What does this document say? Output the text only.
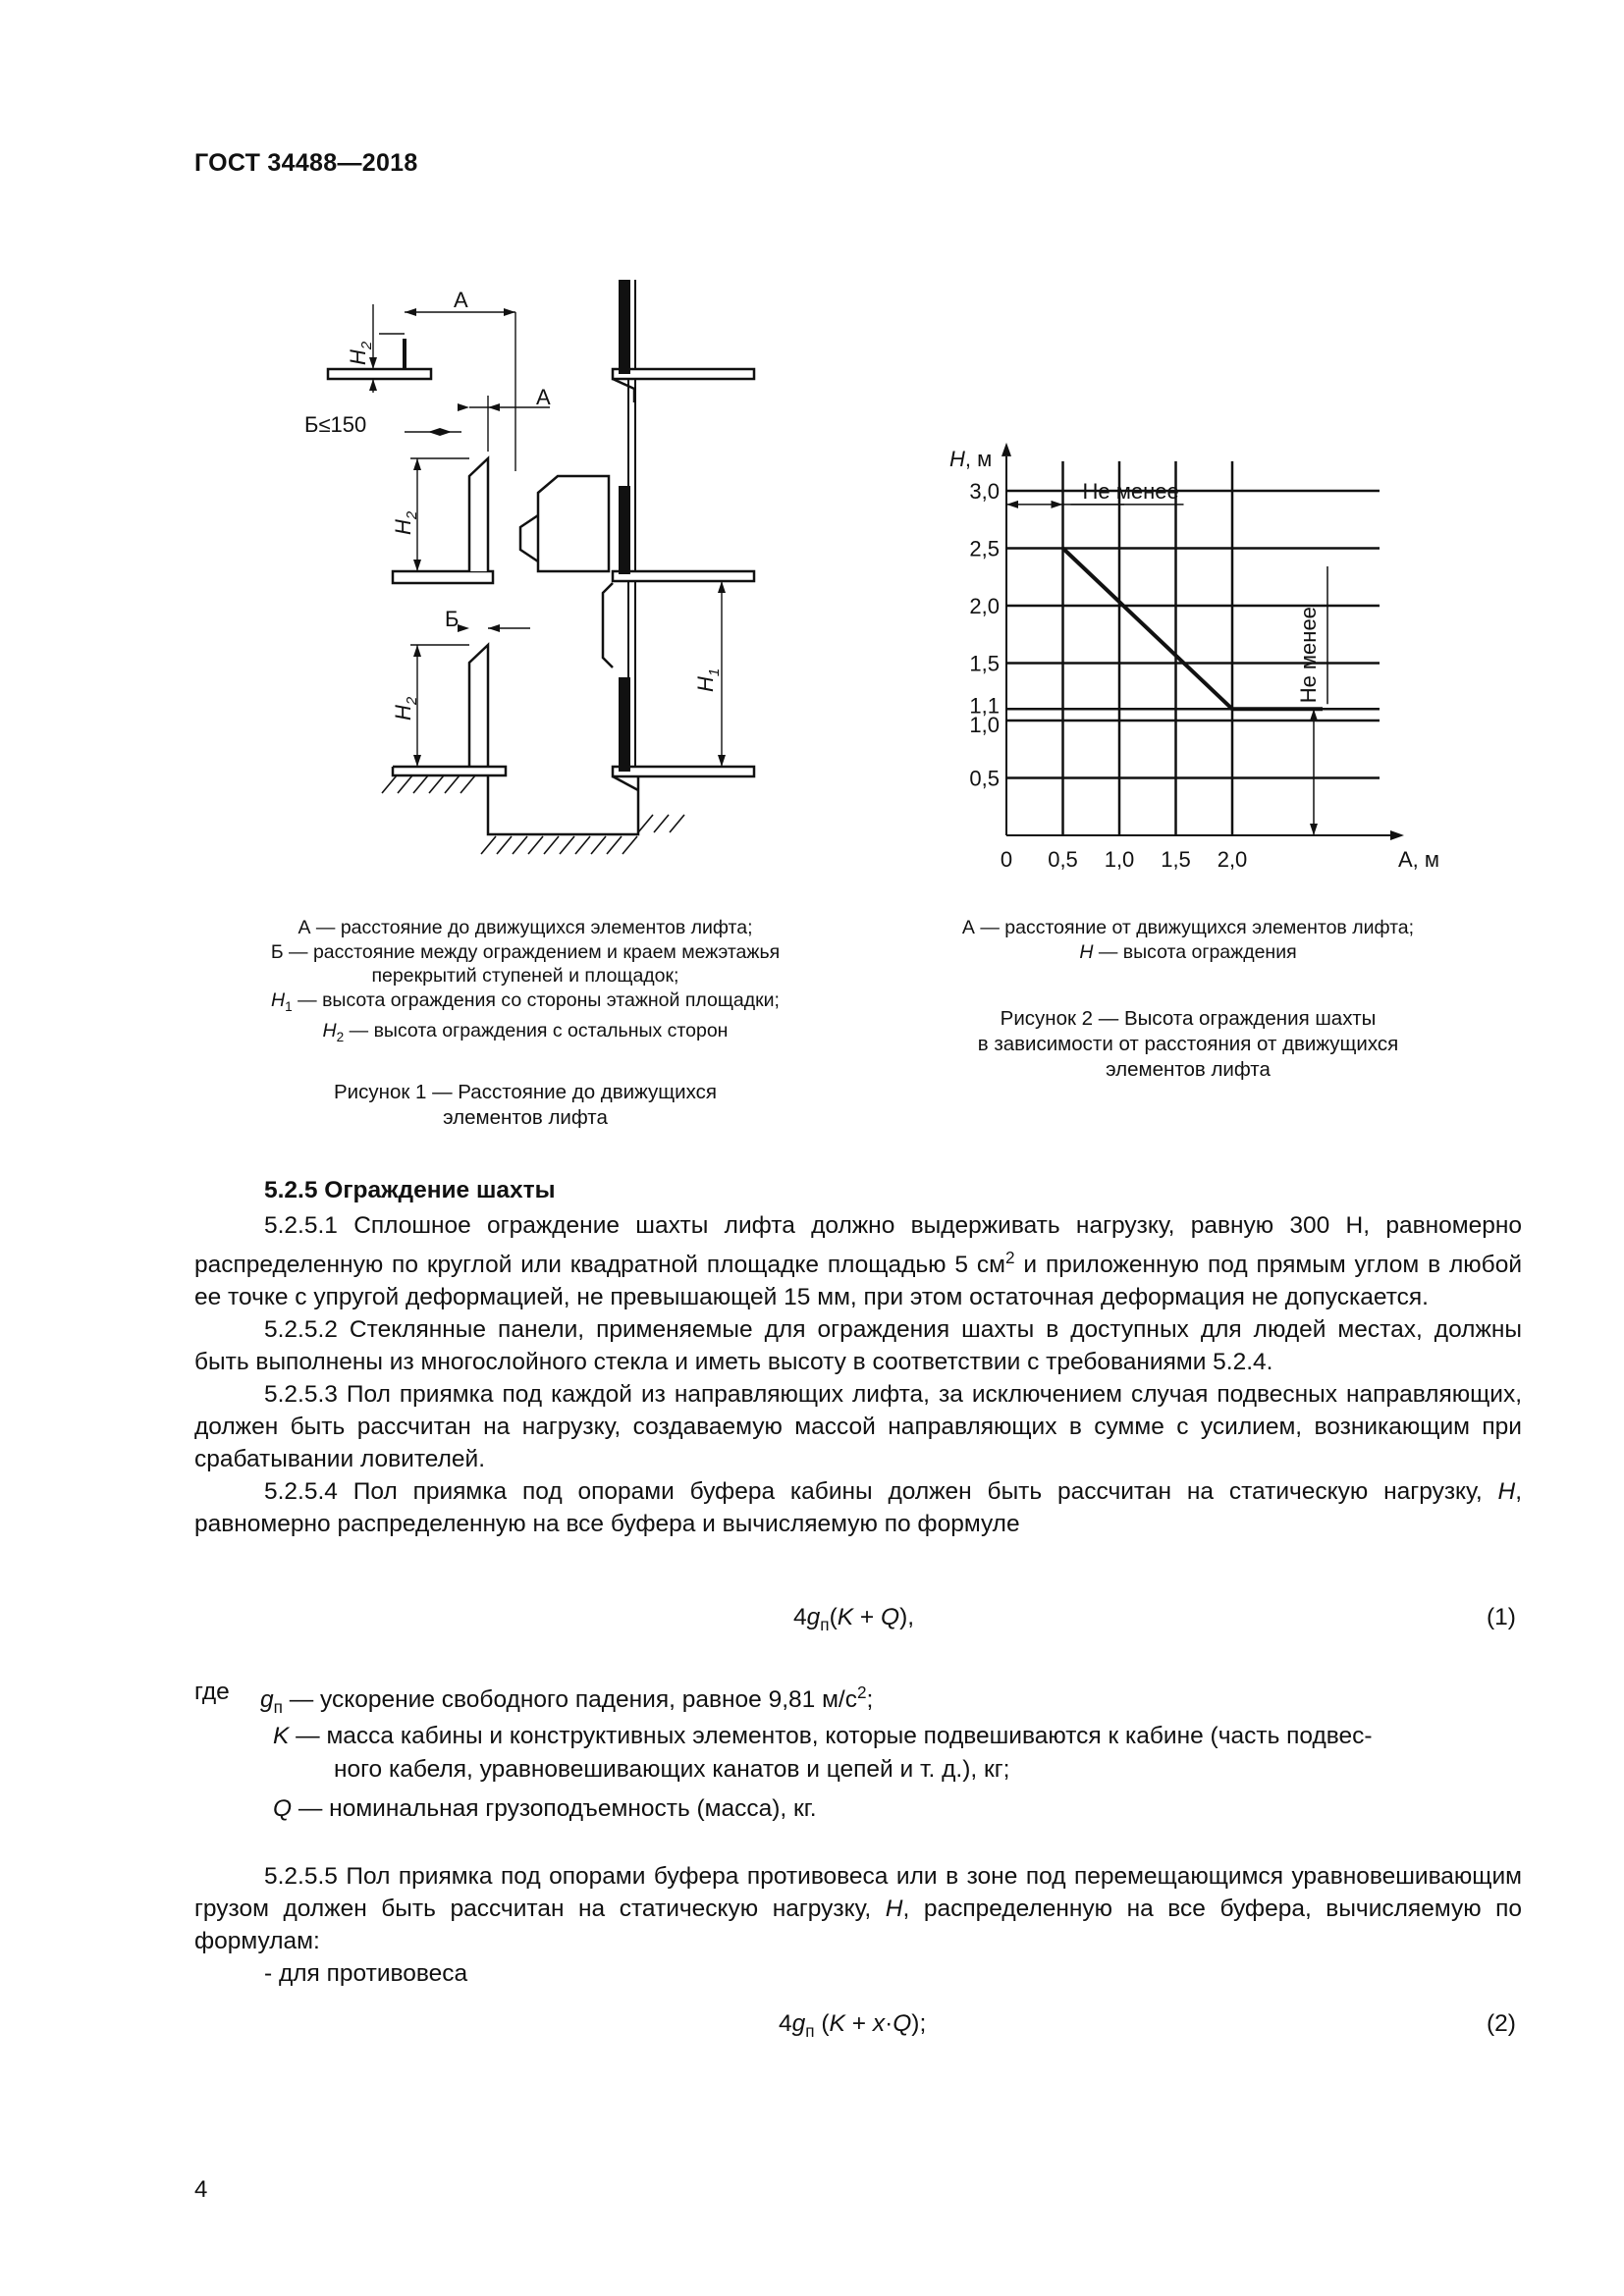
ГОСТ 34488—2018
А
А
Б≤150
Б
$H_2$
$H_2$
$H_2$
$H_1$
0 0,5 1,0 1,5 2,0
0,5
1,0
1,1
1,5
2,0
2,5
3,0
H, м
А, м
Не менее
Не менее
А — расстояние до движущихся элементов лифта;
Б — расстояние между ограждением и краем межэтажья
перекрытий ступеней и площадок;
$H_1$ — высота ограждения со стороны этажной площадки;
$H_2$ — высота ограждения с остальных сторон
Рисунок 1 — Расстояние до движущихся
элементов лифта
А — расстояние от движущихся элементов лифта;
H — высота ограждения
Рисунок 2 — Высота ограждения шахты
в зависимости от расстояния от движущихся
элементов лифта
5.2.5 Ограждение шахты

5.2.5.1 Сплошное ограждение шахты лифта должно выдерживать нагрузку, равную 300 Н, равномерно распределенную по круглой или квадратной площадке площадью 5 $см^2$ и приложенную под прямым углом в любой ее точке с упругой деформацией, не превышающей 15 мм, при этом остаточная деформация не допускается.

5.2.5.2 Стеклянные панели, применяемые для ограждения шахты в доступных для людей местах, должны быть выполнены из многослойного стекла и иметь высоту в соответствии с требованиями 5.2.4.

5.2.5.3 Пол приямка под каждой из направляющих лифта, за исключением случая подвесных направляющих, должен быть рассчитан на нагрузку, создаваемую массой направляющих в сумме с усилием, возникающим при срабатывании ловителей.

5.2.5.4 Пол приямка под опорами буфера кабины должен быть рассчитан на статическую нагрузку, H, равномерно распределенную на все буфера и вычисляемую по формуле

$4g_п(K + Q)$,	(1)
где $g_п$ — ускорение свободного падения, равное 9,81 $м/с^2$;
K — масса кабины и конструктивных элементов, которые подвешиваются к кабине (часть подвес-
ного кабеля, уравновешивающих канатов и цепей и т. д.), кг;
Q — номинальная грузоподъемность (масса), кг.

5.2.5.5 Пол приямка под опорами буфера противовеса или в зоне под перемещающимся уравновешивающим грузом должен быть рассчитан на статическую нагрузку, H, распределенную на все буфера, вычисляемую по формулам:

- для противовеса

$4g_п$ (K + x·Q);	(2)
4
